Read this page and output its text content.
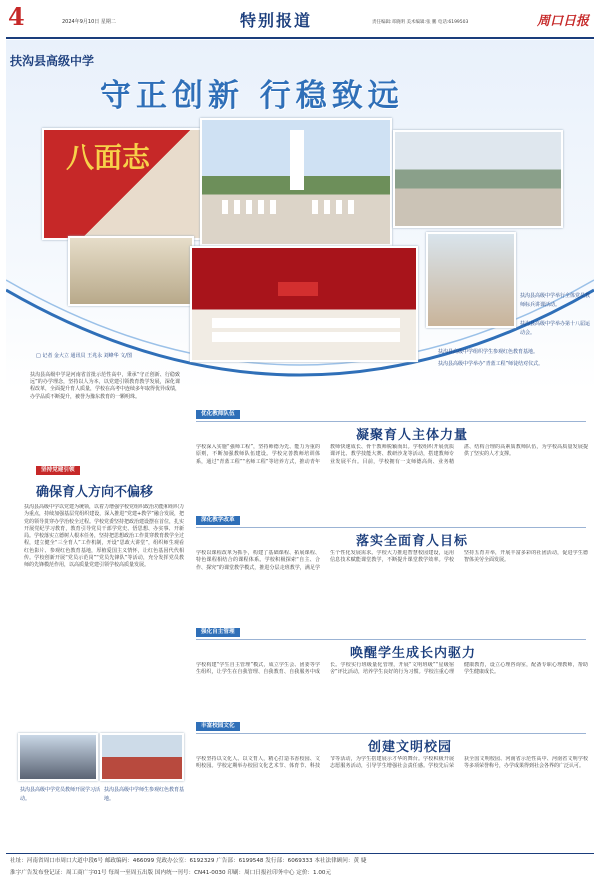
4	2024年9月10日 星期二	特别报道	责任编辑:邓晓明 美术编辑:张 鹏 电话:6199503	周口日报
扶沟县高级中学
守正创新 行稳致远
八面志
扶沟县高级中学举行全体党员教师标兵讲课活动。
扶沟县高级中学举办第十八届运动会。
扶沟县高级中学组织学生参观红色教育基地。
扶沟县高级中学举办“青蓝工程”师徒结对仪式。
□ 记者 金大立 通讯员 王兆永 刘峰华 文/图
扶沟县高级中学是河南省首批示范性高中，秉承“守正创新、行稳致远”的办学理念，坚持以人为本，以党建引领教育教学发展，深化课程改革，全面提升育人质量，学校在高考中连续多年取得优异成绩，办学品质不断提升，被誉为豫东教育的一颗明珠。
坚持党建引领
确保育人方向不偏移
扶沟县高级中学以党建为统领，以着力增强学校党组织政治功能和组织力为重点，持续加强基层党组织建设，深入推进“党建+教学”融合发展，把党的领导贯穿办学治校全过程。学校党委坚持把政治建设摆在首位，扎实开展党纪学习教育，教育引导党员干部学党史、悟思想、办实事、开新局。学校落实立德树人根本任务，坚持把思想政治工作贯穿教育教学全过程，建立健全“三全育人”工作机制，开设“思政大讲堂”，组织师生观看红色影片、参观红色教育基地，厚植爱国主义情怀，让红色基因代代相传。学校创新开展“党员示范岗”“党员先锋队”等活动，充分发挥党员教师的先锋模范作用，以高质量党建引领学校高质量发展。
扶沟县高级中学党员教师开展学习活动。
扶沟县高级中学师生参观红色教育基地。
优化教师队伍
凝聚育人主体力量
学校深入实施“强师工程”，坚持师德为先、能力为重的原则，不断加强教师队伍建设。学校完善教师培训体系，通过“青蓝工程”“名师工程”等培养方式，推动青年教师快速成长、骨干教师脱颖而出。学校组织开展优质课评比、教学技能大赛、教研沙龙等活动，搭建教师专业发展平台。目前，学校拥有一支师德高尚、业务精湛、结构合理的高素质教师队伍，为学校高质量发展提供了坚实的人才支撑。
深化教学改革
落实全面育人目标
学校以课程改革为抓手，构建了基础课程、拓展课程、特色课程相结合的课程体系。学校积极探索“自主、合作、探究”的课堂教学模式，推进分层走班教学，满足学生个性化发展需求。学校大力推进智慧校园建设，运用信息技术赋能课堂教学，不断提升课堂教学效率。学校坚持五育并举，开展丰富多彩的社团活动，促进学生德智体美劳全面发展。
强化自主管理
唤醒学生成长内驱力
学校构建“学生自主管理”模式，成立学生会、团委等学生组织，让学生在自我管理、自我教育、自我服务中成长。学校实行班级量化管理，开展“文明班级”“星级宿舍”评比活动，培养学生良好的行为习惯。学校注重心理健康教育，设立心理咨询室，配备专职心理教师，帮助学生健康成长。
丰富校园文化
创建文明校园
学校坚持以文化人、以文育人，精心打造书香校园、文明校园。学校定期举办校园文化艺术节、体育节、科技节等活动，为学生搭建展示才华的舞台。学校积极开展志愿服务活动，引导学生增强社会责任感。学校先后荣获全国文明校园、河南省示范性高中、河南省文明学校等多项荣誉称号，办学成果得到社会各界的广泛认可。
社址：河南省周口市周口大道中段6号 邮政编码：466099 党政办公室：6192329 广告部：6199548 发行部：6069333 本社法律顾问：黄 婕
淮字广告发布登记证：周工商广字01号 每周一至周五出版 国内统一刊号：CN41-0030 印刷：周口日报社印务中心 定价：1.00元
